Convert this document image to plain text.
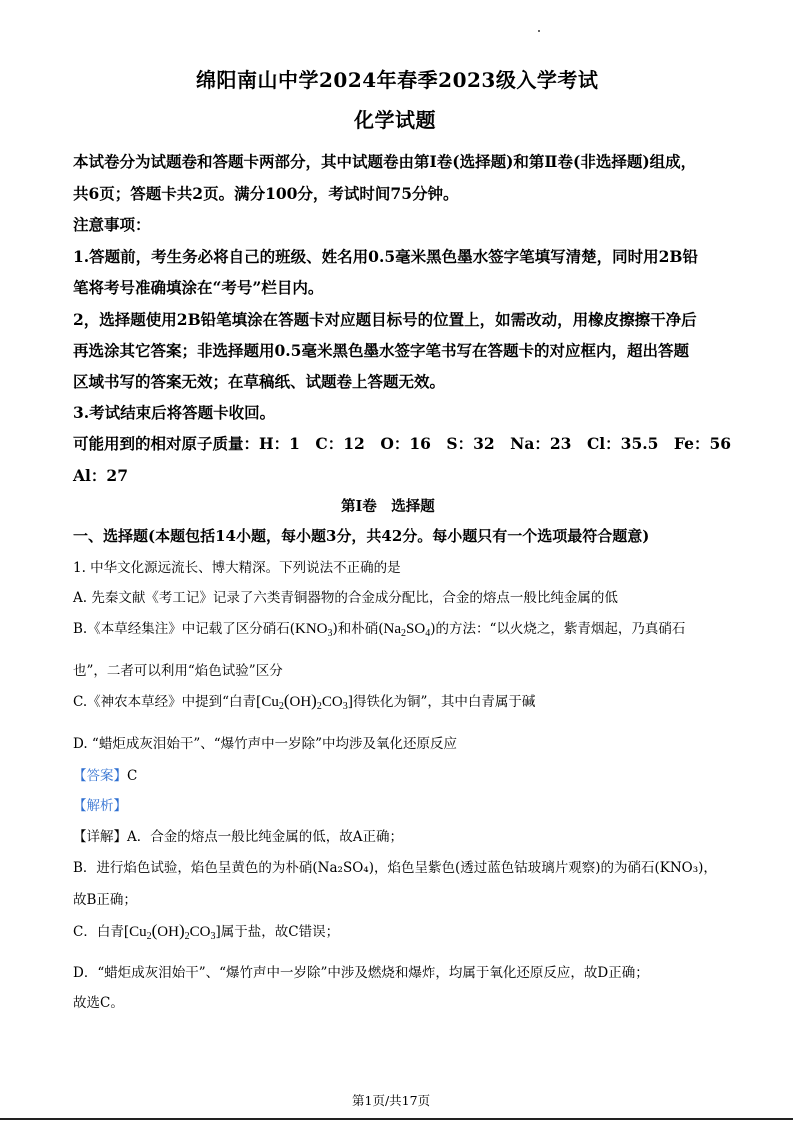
绵阳南山中学2024年春季2023级入学考试
化学试题
本试卷分为试题卷和答题卡两部分，其中试题卷由第Ⅰ卷(选择题)和第Ⅱ卷(非选择题)组成，
共6页；答题卡共2页。满分100分，考试时间75分钟。
注意事项：
1.答题前，考生务必将自己的班级、姓名用0.5毫米黑色墨水签字笔填写清楚，同时用2B铅
笔将考号准确填涂在“考号”栏目内。
2，选择题使用2B铅笔填涂在答题卡对应题目标号的位置上，如需改动，用橡皮擦擦干净后
再选涂其它答案；非选择题用0.5毫米黑色墨水签字笔书写在答题卡的对应框内，超出答题
区域书写的答案无效；在草稿纸、试题卷上答题无效。
3.考试结束后将答题卡收回。
可能用到的相对原子质量：H：1　C：12　O：16　S：32　Na：23　Cl：35.5　Fe：56
Al：27
第Ⅰ卷　选择题
一、选择题(本题包括14小题，每小题3分，共42分。每小题只有一个选项最符合题意)
1. 中华文化源远流长、博大精深。下列说法不正确的是
A. 先秦文献《考工记》记录了六类青铜器物的合金成分配比，合金的熔点一般比纯金属的低
B.《本草经集注》中记载了区分硝石$(KNO_3)$和朴硝$(Na_2SO_4)$的方法：“以火烧之，紫青烟起，乃真硝石
也”，二者可以利用“焰色试验”区分
C.《神农本草经》中提到“白青$[Cu_2(OH)_2CO_3]$得铁化为铜”，其中白青属于碱
D. “蜡炬成灰泪始干”、“爆竹声中一岁除”中均涉及氧化还原反应
【答案】C
【解析】
【详解】A．合金的熔点一般比纯金属的低，故A正确；
B．进行焰色试验，焰色呈黄色的为朴硝(Na₂SO₄)，焰色呈紫色(透过蓝色钴玻璃片观察)的为硝石(KNO₃)，
故B正确；
C．白青$[Cu_2(OH)_2CO_3]$属于盐，故C错误；
D．“蜡炬成灰泪始干”、“爆竹声中一岁除”中涉及燃烧和爆炸，均属于氧化还原反应，故D正确；
故选C。
第1页/共17页
